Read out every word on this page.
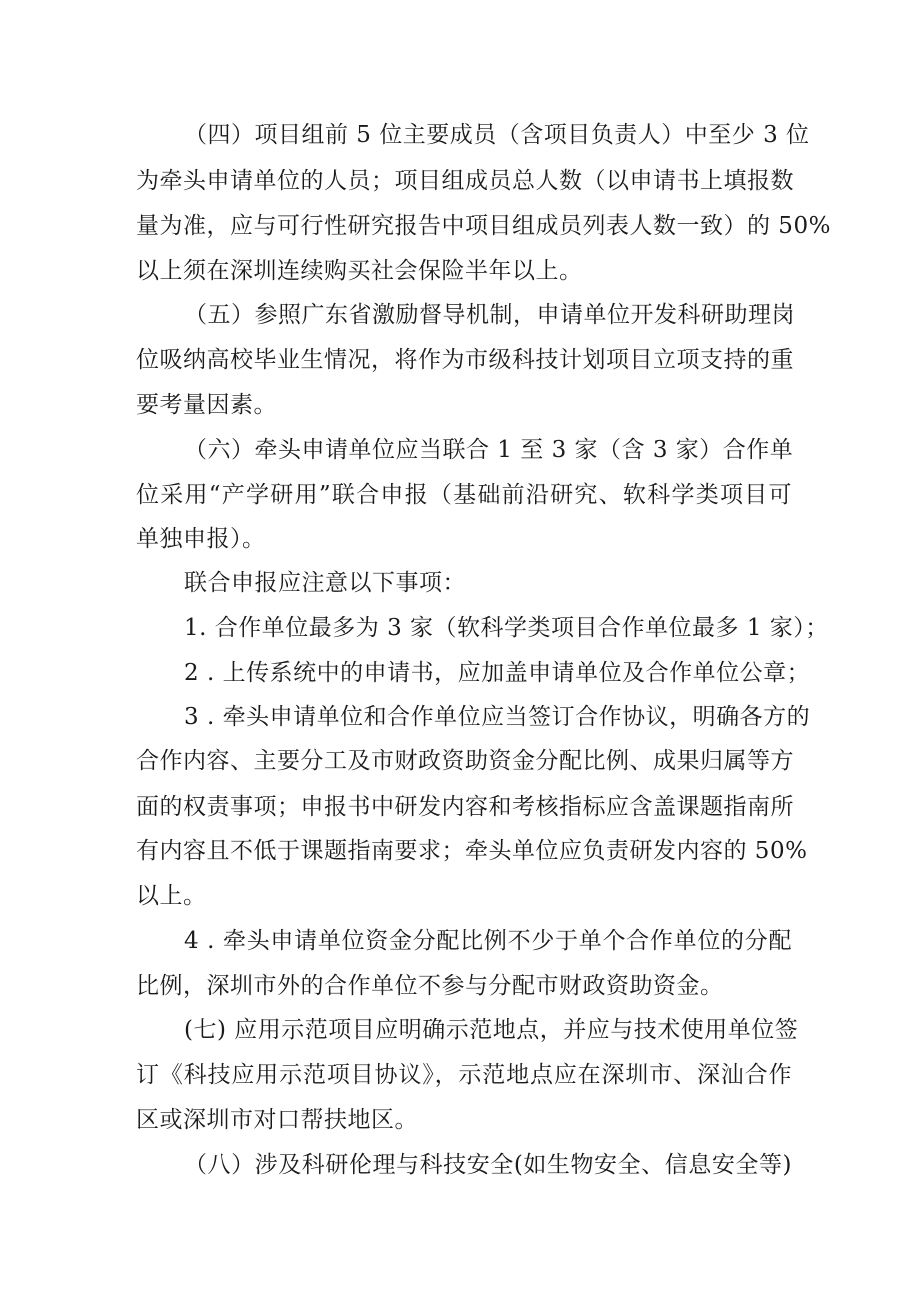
（四）项目组前 5 位主要成员（含项目负责人）中至少 3 位
为牵头申请单位的人员；项目组成员总人数（以申请书上填报数
量为准，应与可行性研究报告中项目组成员列表人数一致）的 50%
以上须在深圳连续购买社会保险半年以上。
（五）参照广东省激励督导机制，申请单位开发科研助理岗
位吸纳高校毕业生情况，将作为市级科技计划项目立项支持的重
要考量因素。
（六）牵头申请单位应当联合 1 至 3 家（含 3 家）合作单
位采用“产学研用”联合申报（基础前沿研究、软科学类项目可
单独申报）。
联合申报应注意以下事项：
1. 合作单位最多为 3 家（软科学类项目合作单位最多 1 家）；
2 . 上传系统中的申请书，应加盖申请单位及合作单位公章；
3 . 牵头申请单位和合作单位应当签订合作协议，明确各方的
合作内容、主要分工及市财政资助资金分配比例、成果归属等方
面的权责事项；申报书中研发内容和考核指标应含盖课题指南所
有内容且不低于课题指南要求；牵头单位应负责研发内容的 50%
以上。
4 . 牵头申请单位资金分配比例不少于单个合作单位的分配
比例，深圳市外的合作单位不参与分配市财政资助资金。
(七) 应用示范项目应明确示范地点，并应与技术使用单位签
订《科技应用示范项目协议》，示范地点应在深圳市、深汕合作
区或深圳市对口帮扶地区。
（八）涉及科研伦理与科技安全(如生物安全、信息安全等)
